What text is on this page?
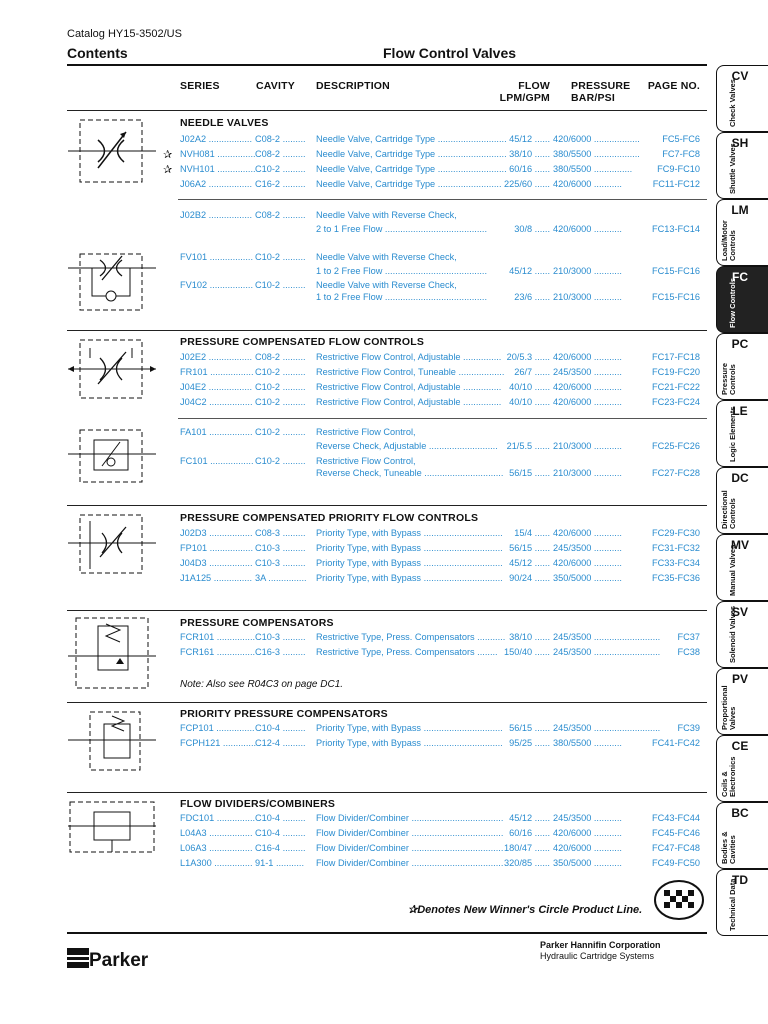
Catalog HY15-3502/US
Contents	Flow Control Valves
SERIES	CAVITY DESCRIPTION	FLOW
LPM/GPM
PRESSURE
BAR/PSI
PAGE NO.
NEEDLE VALVES
PRESSURE COMPENSATED FLOW CONTROLS
PRESSURE COMPENSATED PRIORITY FLOW CONTROLS
PRESSURE COMPENSATORS
PRIORITY PRESSURE COMPENSATORS
FLOW DIVIDERS/COMBINERS
✰
✰
J02A2 ................. C08-2 ......... Needle Valve, Cartridge Type ........................... 45/12 ...... 420/6000 ..................	FC5-FC6
NVH081 ............... C08-2 ......... Needle Valve, Cartridge Type ........................... 38/10 ...... 380/5500 ..................	FC7-FC8
NVH101 ............... C10-2 ......... Needle Valve, Cartridge Type ........................... 60/16 ...... 380/5500 ...............	FC9-FC10
J06A2 ................. C16-2 ......... Needle Valve, Cartridge Type ......................... 225/60 ...... 420/6000 ...........	FC11-FC12
J02B2 ................. C08-2 ......... Needle Valve with Reverse Check,
2 to 1 Free Flow ........................................	30/8 ...... 420/6000 ...........	FC13-FC14
FV101 ................. C10-2 ......... Needle Valve with Reverse Check,
1 to 2 Free Flow ........................................	45/12 ...... 210/3000 ...........	FC15-FC16
FV102 ................. C10-2 ......... Needle Valve with Reverse Check,
1 to 2 Free Flow ........................................	23/6 ...... 210/3000 ...........	FC15-FC16
J02E2 ................. C08-2 ......... Restrictive Flow Control, Adjustable ............... 20/5.3 ...... 420/6000 ...........	FC17-FC18
FR101 ................. C10-2 ......... Restrictive Flow Control, Tuneable ..................	26/7 ...... 245/3500 ...........	FC19-FC20
J04E2 ................. C10-2 ......... Restrictive Flow Control, Adjustable ............... 40/10 ...... 420/6000 ...........	FC21-FC22
J04C2 ................. C10-2 ......... Restrictive Flow Control, Adjustable ............... 40/10 ...... 420/6000 ...........	FC23-FC24
FA101 ................. C10-2 ......... Restrictive Flow Control,
Reverse Check, Adjustable ........................... 21/5.5 ...... 210/3000 ...........	FC25-FC26
FC101 ................. C10-2 ......... Restrictive Flow Control,
Reverse Check, Tuneable ............................... 56/15 ...... 210/3000 ...........	FC27-FC28
J02D3 ................. C08-3 ......... Priority Type, with Bypass ...............................	15/4 ...... 420/6000 ...........	FC29-FC30
FP101 ................. C10-3 ......... Priority Type, with Bypass ............................... 56/15 ...... 245/3500 ...........	FC31-FC32
J04D3 ................. C10-3 ......... Priority Type, with Bypass ............................... 45/12 ...... 420/6000 ...........	FC33-FC34
J1A125 ............... 3A ............... Priority Type, with Bypass ............................... 90/24 ...... 350/5000 ...........	FC35-FC36
FCR101 ............... C10-3 ......... Restrictive Type, Press. Compensators ........... 38/10 ...... 245/3500 ..........................	FC37
FCR161 ............... C16-3 ......... Restrictive Type, Press. Compensators ........ 150/40 ...... 245/3500 ..........................	FC38
FCP101 ............... C10-4 ......... Priority Type, with Bypass ............................... 56/15 ...... 245/3500 ..........................	FC39
FCPH121 .............
C12-4 ......... Priority Type, with Bypass ............................... 95/25 ...... 380/5500 ...........	FC41-FC42
FDC101 ............... C10-4 ......... Flow Divider/Combiner .................................... 45/12 ...... 245/3500 ...........	FC43-FC44
L04A3 ................. C10-4 ......... Flow Divider/Combiner .................................... 60/16 ...... 420/6000 ...........	FC45-FC46
L06A3 ................. C16-4 ......... Flow Divider/Combiner .................................... 180/47 ...... 420/6000 ...........	FC47-FC48
L1A300 ............... 91-1 ........... Flow Divider/Combiner .................................... 320/85 ...... 350/5000 ...........	FC49-FC50
Note: Also see R04C3 on page DC1.
✰Denotes New Winner's Circle Product Line.
Parker
Parker Hannifin Corporation
Hydraulic Cartridge Systems
CV
Check Valves
SH
Shuttle Valves
LM
Load/Motor Controls
FC
Flow Controls
PC
Pressure Controls
LE
Logic Elements
DC
Directional Controls
MV
Manual Valves
SV
Solenoid Valves
PV
Proportional Valves
CE
Coils & Electronics
BC
Bodies & Cavities
TD
Technical Data
